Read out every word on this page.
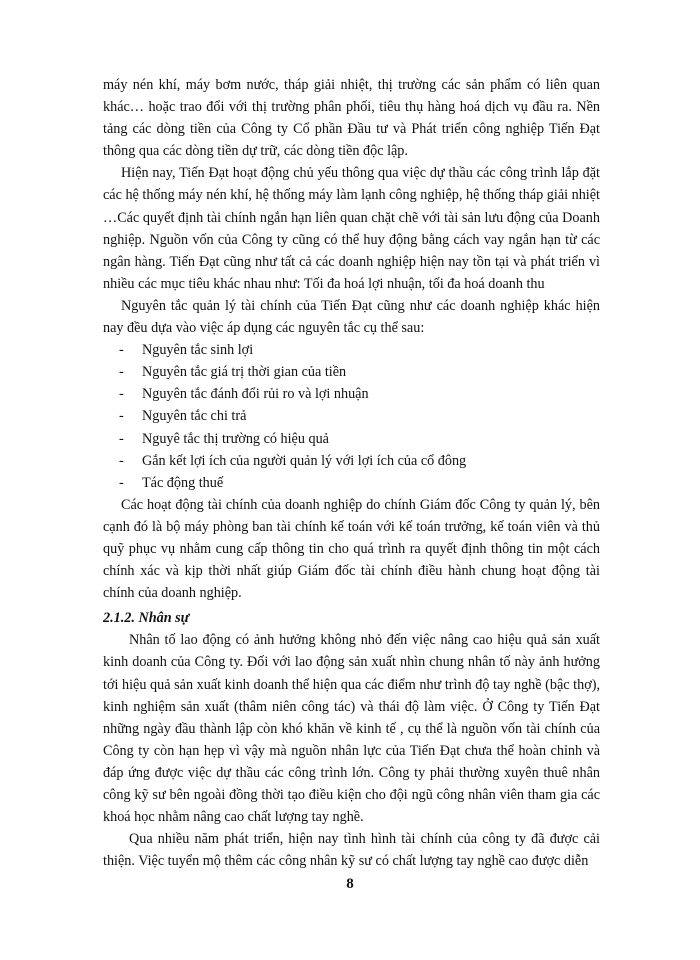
máy nén khí, máy bơm nước, tháp giải nhiệt, thị trường các sản phẩm có liên quan khác… hoặc trao đổi với thị trường phân phối, tiêu thụ hàng hoá dịch vụ đầu ra. Nền tảng các dòng tiền của Công ty Cổ phần Đầu tư và Phát triển công nghiệp Tiến Đạt thông qua các dòng tiền dự trữ, các dòng tiền độc lập.

Hiện nay, Tiến Đạt hoạt động chủ yếu thông qua việc dự thầu các công trình lắp đặt các hệ thống máy nén khí, hệ thống máy làm lạnh công nghiệp, hệ thống tháp giải nhiệt …Các quyết định tài chính ngắn hạn liên quan chặt chẽ với tài sản lưu động của Doanh nghiệp. Nguồn vốn của Công ty cũng có thể huy động bằng cách vay ngắn hạn từ các ngân hàng. Tiến Đạt cũng như tất cả các doanh nghiệp hiện nay tồn tại và phát triển vì nhiều các mục tiêu khác nhau như: Tối đa hoá lợi nhuận, tối đa hoá doanh thu

Nguyên tắc quản lý tài chính của Tiến Đạt cũng như các doanh nghiệp khác hiện nay đều dựa vào việc áp dụng các nguyên tắc cụ thể sau:

- Nguyên tắc sinh lợi
- Nguyên tắc giá trị thời gian của tiền
- Nguyên tắc đánh đổi rủi ro và lợi nhuận
- Nguyên tắc chi trả
- Nguyê tắc thị trường có hiệu quả
- Gắn kết lợi ích của người quản lý với lợi ích của cổ đông
- Tác động thuế

Các hoạt động tài chính của doanh nghiệp do chính Giám đốc Công ty quản lý, bên cạnh đó là bộ máy phòng ban tài chính kế toán với kế toán trưởng, kế toán viên và thủ quỹ phục vụ nhằm cung cấp thông tin cho quá trình ra quyết định thông tin một cách chính xác và kịp thời nhất giúp Giám đốc tài chính điều hành chung hoạt động tài chính của doanh nghiệp.

2.1.2. Nhân sự

Nhân tố lao động có ảnh hưởng không nhỏ đến việc nâng cao hiệu quả sản xuất kinh doanh của Công ty. Đối với lao động sản xuất nhìn chung nhân tố này ảnh hưởng tới hiệu quả sản xuất kinh doanh thể hiện qua các điểm như trình độ tay nghề (bậc thợ), kinh nghiệm sản xuất (thâm niên công tác) và thái độ làm việc. Ở Công ty Tiến Đạt những ngày đầu thành lập còn khó khăn về kinh tế , cụ thể là nguồn vốn tài chính của Công ty còn hạn hẹp vì vậy mà nguồn nhân lực của Tiến Đạt chưa thể hoàn chỉnh và đáp ứng được việc dự thầu các công trình lớn. Công ty phải thường xuyên thuê nhân công kỹ sư bên ngoài đồng thời tạo điều kiện cho đội ngũ công nhân viên tham gia các khoá học nhằm nâng cao chất lượng tay nghề.

Qua nhiều năm phát triển, hiện nay tình hình tài chính của công ty đã được cải thiện. Việc tuyển mộ thêm các công nhân kỹ sư có chất lượng tay nghề cao được diễn

8
